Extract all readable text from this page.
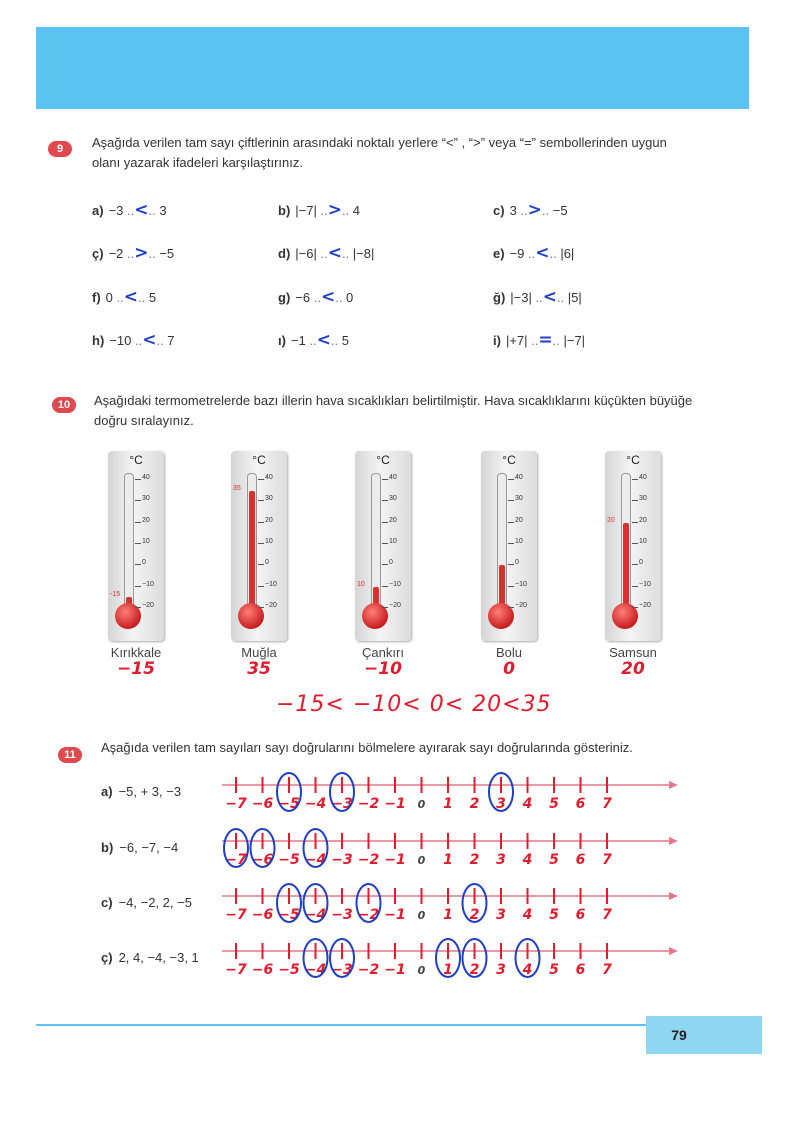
9	Aşağıda verilen tam sayı çiftlerinin arasındaki noktalı yerlere “<” , “>” veya “=” sembollerinden uygun olanı yazarak ifadeleri karşılaştırınız.
a) −3 ..<.. 3	b) |−7| ..>.. 4	c) 3 ..>.. −5
ç) −2 ..>.. −5	d) |−6| ..<.. |−8|	e) −9 ..<.. |6|
f) 0 ..<.. 5	g) −6 ..<.. 0	ğ) |−3| ..<.. |5|
h) −10 ..<.. 7	ı) −1 ..<.. 5	i) |+7| ..=.. |−7|
10	Aşağıdaki termometrelerde bazı illerin hava sıcaklıkları belirtilmiştir. Hava sıcaklıklarını küçükten büyüğe doğru sıralayınız.
°C
40
30
20
10
0
−10
−20
-15
Kırıkkale
−15
°C
40
30
20
10
0
−10
−20
35
Muğla
35
°C
40
30
20
10
0
−10
−20
10
Çankırı
−10
°C
40
30
20
10
0
−10
−20
Bolu
0
°C
40
30
20
10
0
−10
−20
20
Samsun
20
−15< −10< 0< 20<35
11	Aşağıda verilen tam sayıları sayı doğrularını bölmelere ayırarak sayı doğrularında gösteriniz.
a) −5, + 3, −3
−7 −6 −5 −4 −3 −2 −1 0 1 2 3 4 5 6 7
b) −6, −7, −4
−7 −6 −5 −4 −3 −2 −1 0 1 2 3 4 5 6 7
c) −4, −2, 2, −5
−7 −6 −5 −4 −3 −2 −1 0 1 2 3 4 5 6 7
ç) 2, 4, −4, −3, 1
−7 −6 −5 −4 −3 −2 −1 0 1 2 3 4 5 6 7
79
